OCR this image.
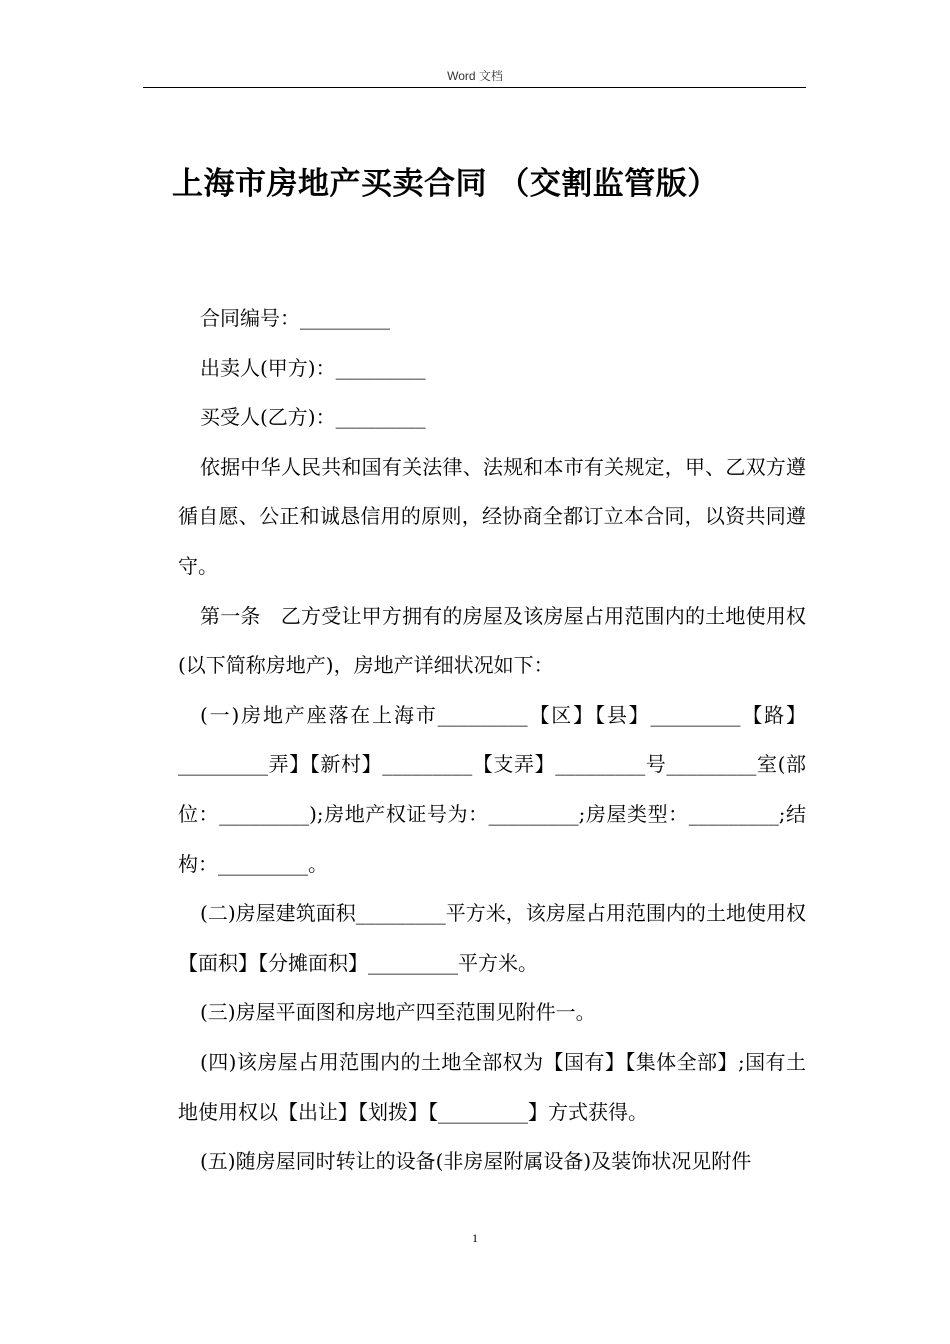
Word 文档
上海市房地产买卖合同 （交割监管版）

合同编号：_________

出卖人(甲方)：_________

买受人(乙方)：_________

依据中华人民共和国有关法律、法规和本市有关规定，甲、乙双方遵循自愿、公正和诚恳信用的原则，经协商全都订立本合同，以资共同遵守。

第一条　乙方受让甲方拥有的房屋及该房屋占用范围内的土地使用权(以下简称房地产)，房地产详细状况如下：

(一)房地产座落在上海市_________【区】【县】_________【路】_________弄】【新村】_________【支弄】_________号_________室(部位：_________);房地产权证号为：_________;房屋类型：_________;结构：_________。

(二)房屋建筑面积_________平方米，该房屋占用范围内的土地使用权【面积】【分摊面积】_________平方米。

(三)房屋平面图和房地产四至范围见附件一。

(四)该房屋占用范围内的土地全部权为【国有】【集体全部】;国有土地使用权以【出让】【划拨】【_________】方式获得。

(五)随房屋同时转让的设备(非房屋附属设备)及装饰状况见附件

1
